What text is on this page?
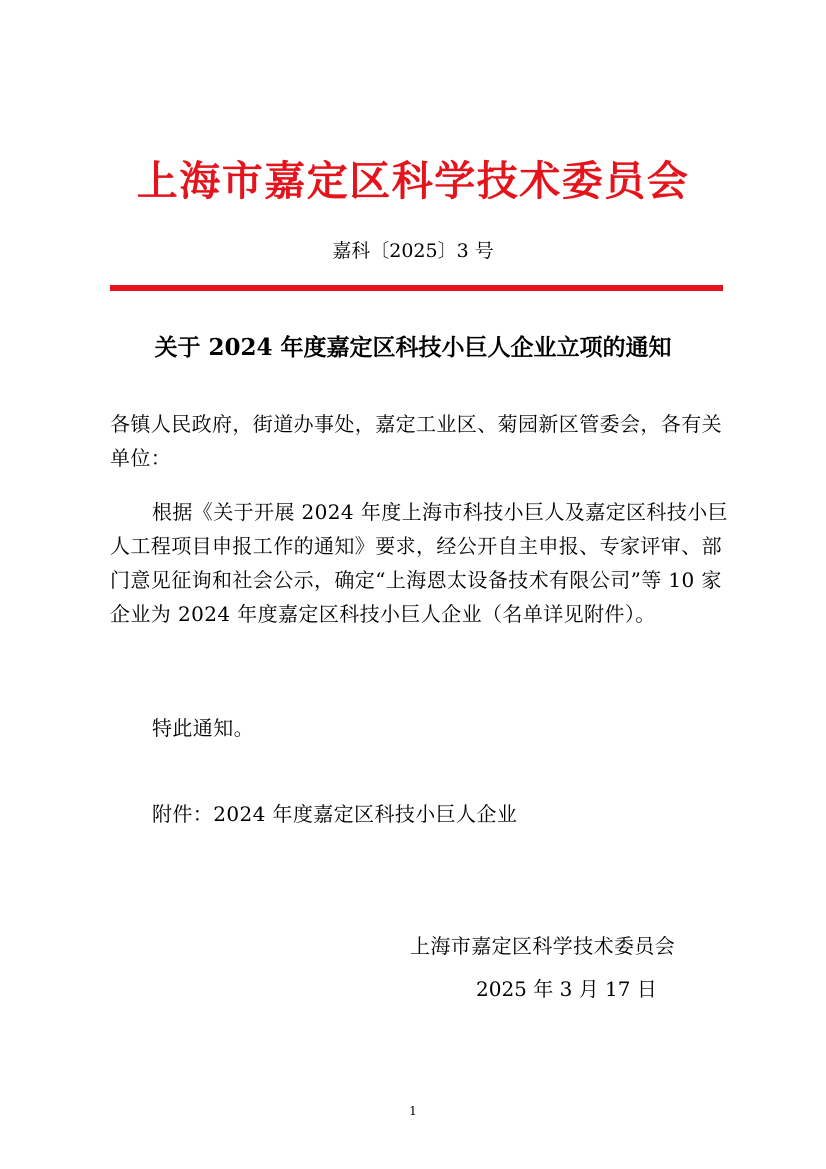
上海市嘉定区科学技术委员会
嘉科〔2025〕3 号
关于 2024 年度嘉定区科技小巨人企业立项的通知
各镇人民政府，街道办事处，嘉定工业区、菊园新区管委会，各有关单位：
根据《关于开展 2024 年度上海市科技小巨人及嘉定区科技小巨人工程项目申报工作的通知》要求，经公开自主申报、专家评审、部门意见征询和社会公示，确定“上海恩太设备技术有限公司”等 10 家企业为 2024 年度嘉定区科技小巨人企业（名单详见附件）。
特此通知。
附件：2024 年度嘉定区科技小巨人企业
上海市嘉定区科学技术委员会
2025 年 3 月 17 日
1
